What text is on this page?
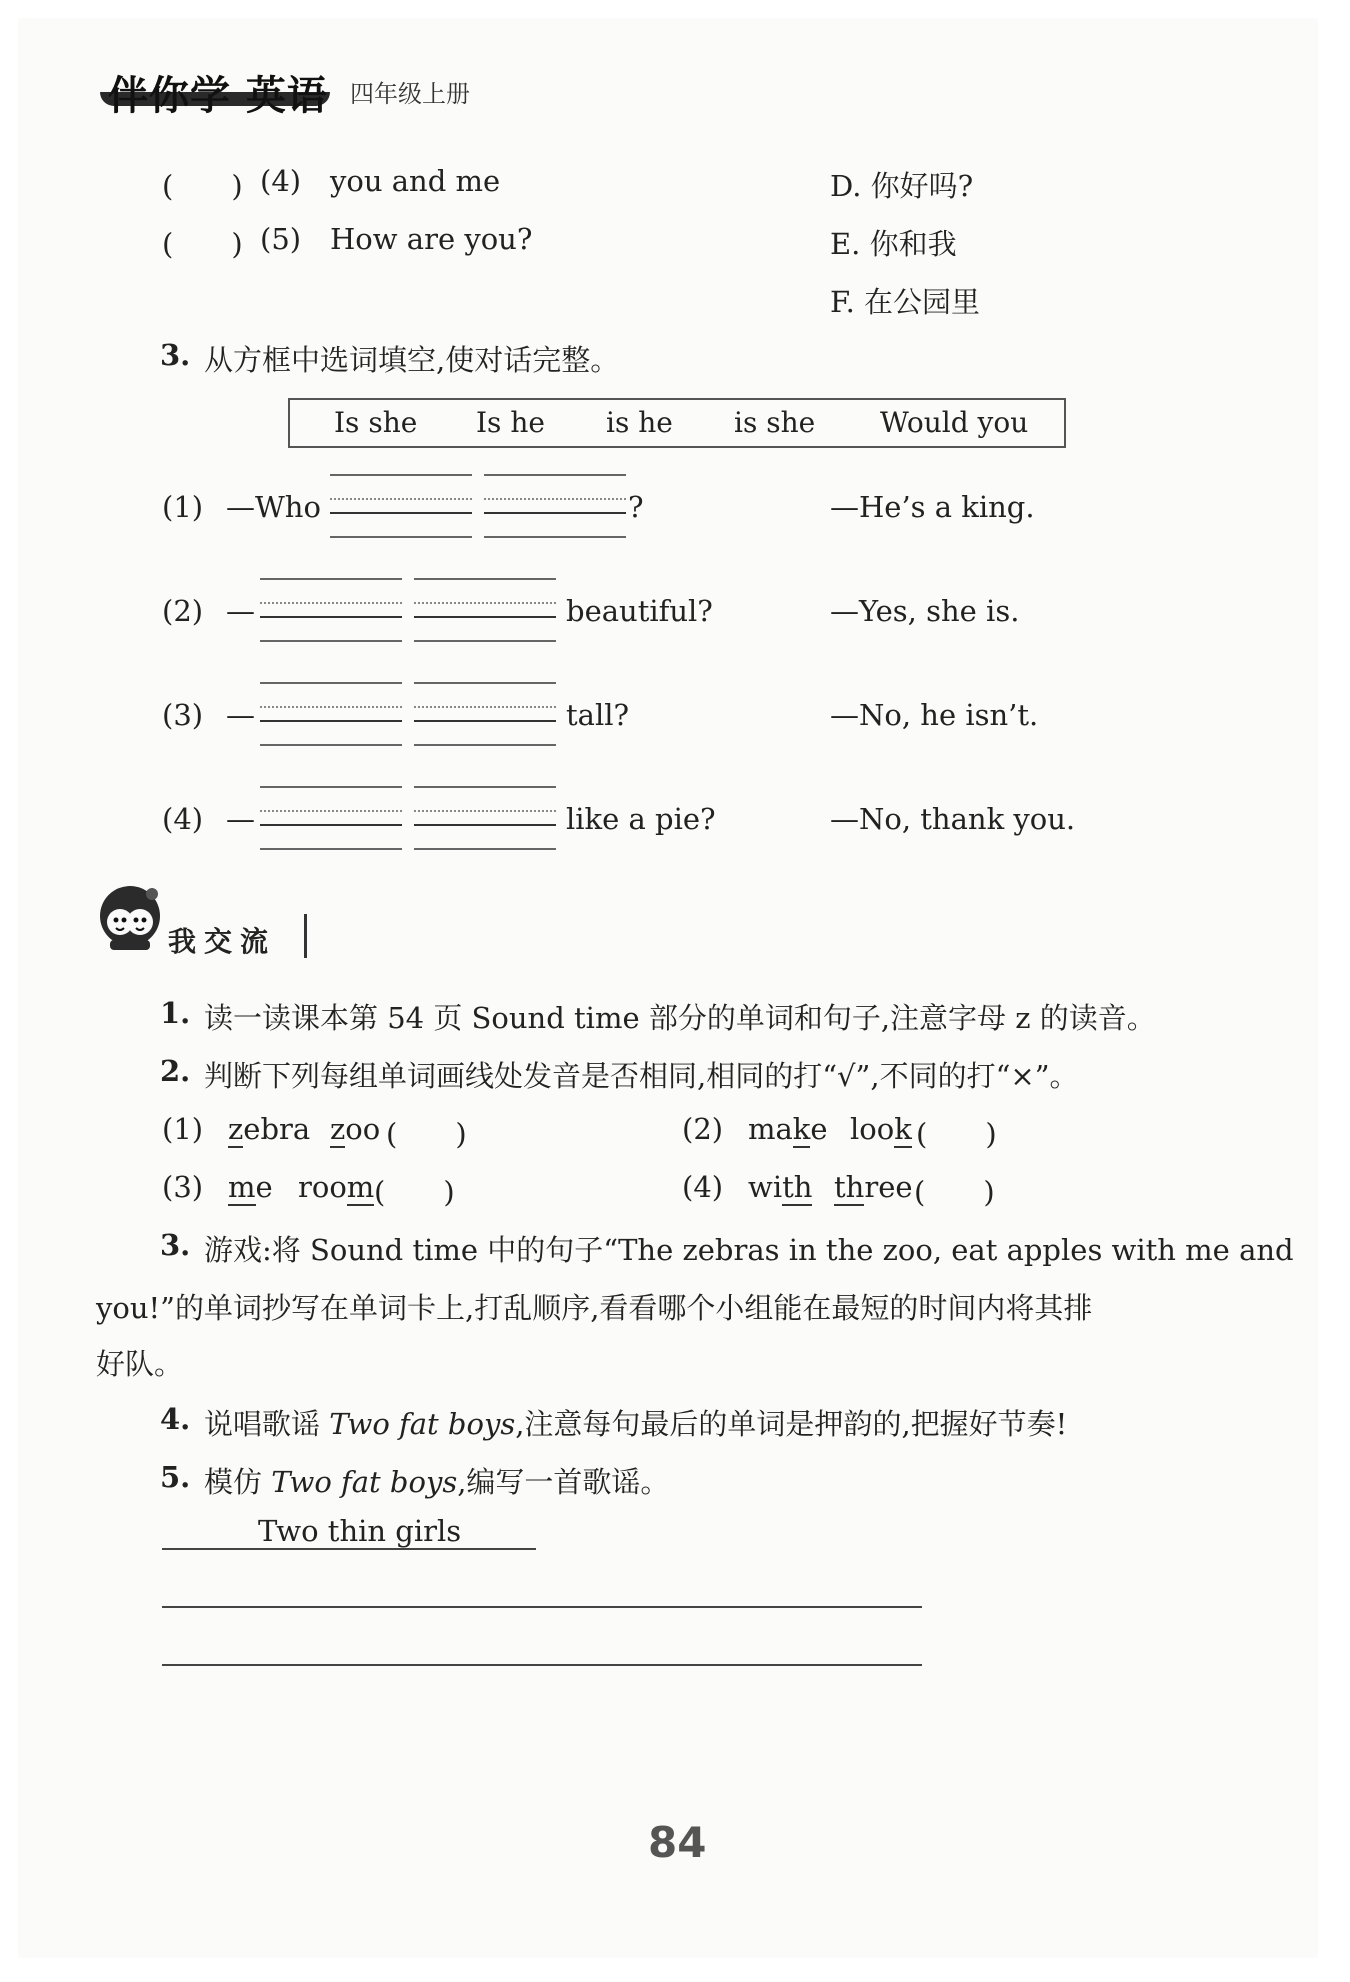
伴你学 英语 四年级上册
(　　) (4) you and me
(　　) (5) How are you?
D. 你好吗?
E. 你和我
F. 在公园里
3. 从方框中选词填空,使对话完整。
Is she Is he is he is she Would you
(1) —Who	?	—He’s a king.
(2) —	beautiful?	—Yes, she is.
(3) —	tall?	—No, he isn’t.
(4) —	like a pie?	—No, thank you.
我交流
1. 读一读课本第 54 页 Sound time 部分的单词和句子,注意字母 z 的读音。
2. 判断下列每组单词画线处发音是否相同,相同的打“√”,不同的打“×”。
(1) zebra zoo (　　)	(2) make look (　　)
(3) me room (　　)	(4) with three (　　)
3. 游戏:将 Sound time 中的句子“The zebras in the zoo, eat apples with me and
you!”的单词抄写在单词卡上,打乱顺序,看看哪个小组能在最短的时间内将其排
好队。
4. 说唱歌谣 Two fat boys,注意每句最后的单词是押韵的,把握好节奏!
5. 模仿 Two fat boys,编写一首歌谣。
Two thin girls
84
